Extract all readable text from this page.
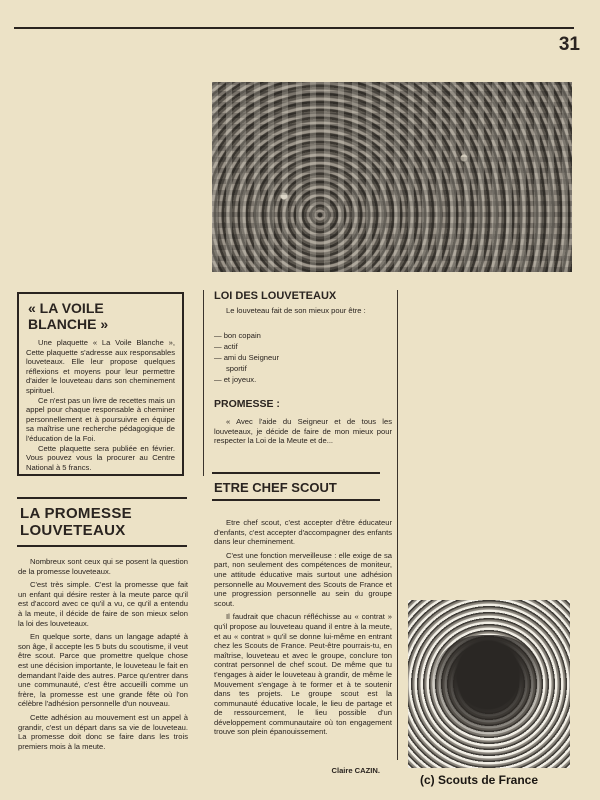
31
« LA VOILE BLANCHE »

Une plaquette « La Voile Blanche », Cette plaquette s'adresse aux responsables louveteaux. Elle leur propose quelques réflexions et moyens pour leur permettre d'aider le louveteau dans son cheminement spirituel.

Ce n'est pas un livre de recettes mais un appel pour chaque responsable à cheminer personnellement et à poursuivre en équipe sa maîtrise une recherche pédagogique de l'éducation de la Foi.

Cette plaquette sera publiée en février. Vous pouvez vous la procurer au Centre National à 5 francs.

LA PROMESSE
LOUVETEAUX

Nombreux sont ceux qui se posent la question de la promesse louveteaux.

C'est très simple. C'est la promesse que fait un enfant qui désire rester à la meute parce qu'il est d'accord avec ce qu'il a vu, ce qu'il a entendu à la meute, il décide de faire de son mieux selon la loi des louveteaux.

En quelque sorte, dans un langage adapté à son âge, il accepte les 5 buts du scoutisme, il veut être scout. Parce que promettre quelque chose est une décision importante, le louveteau le fait en demandant l'aide des autres. Parce qu'entrer dans une communauté, c'est être accueilli comme un frère, la promesse est une grande fête où l'on célèbre l'adhésion personnelle d'un nouveau.

Cette adhésion au mouvement est un appel à grandir, c'est un départ dans sa vie de louveteau. La promesse doit donc se faire dans les trois premiers mois à la meute.

LOI DES LOUVETEAUX

Le louveteau fait de son mieux pour être :

— bon copain
— actif
— ami du Seigneur
sportif
— et joyeux.
PROMESSE :

« Avec l'aide du Seigneur et de tous les louveteaux, je décide de faire de mon mieux pour respecter la Loi de la Meute et de...

ETRE CHEF SCOUT

Etre chef scout, c'est accepter d'être éducateur d'enfants, c'est accepter d'accompagner des enfants dans leur cheminement.

C'est une fonction merveilleuse : elle exige de sa part, non seulement des compétences de moniteur, une attitude éducative mais surtout une adhésion personnelle au Mouvement des Scouts de France et une progression personnelle au sein du groupe scout.

Il faudrait que chacun réfléchisse au « contrat » qu'il propose au louveteau quand il entre à la meute, et au « contrat » qu'il se donne lui-même en entrant chez les Scouts de France. Peut-être pourrais-tu, en maîtrise, louveteau et avec le groupe, conclure ton contrat personnel de chef scout. De même que tu t'engages à aider le louveteau à grandir, de même le Mouvement s'engage à te former et à te soutenir dans tes projets. Le groupe scout est la communauté éducative locale, le lieu de partage et de ressourcement, le lieu possible d'un développement communautaire où ton engagement trouve son plein épanouissement.

Claire CAZIN.
(c) Scouts de France
